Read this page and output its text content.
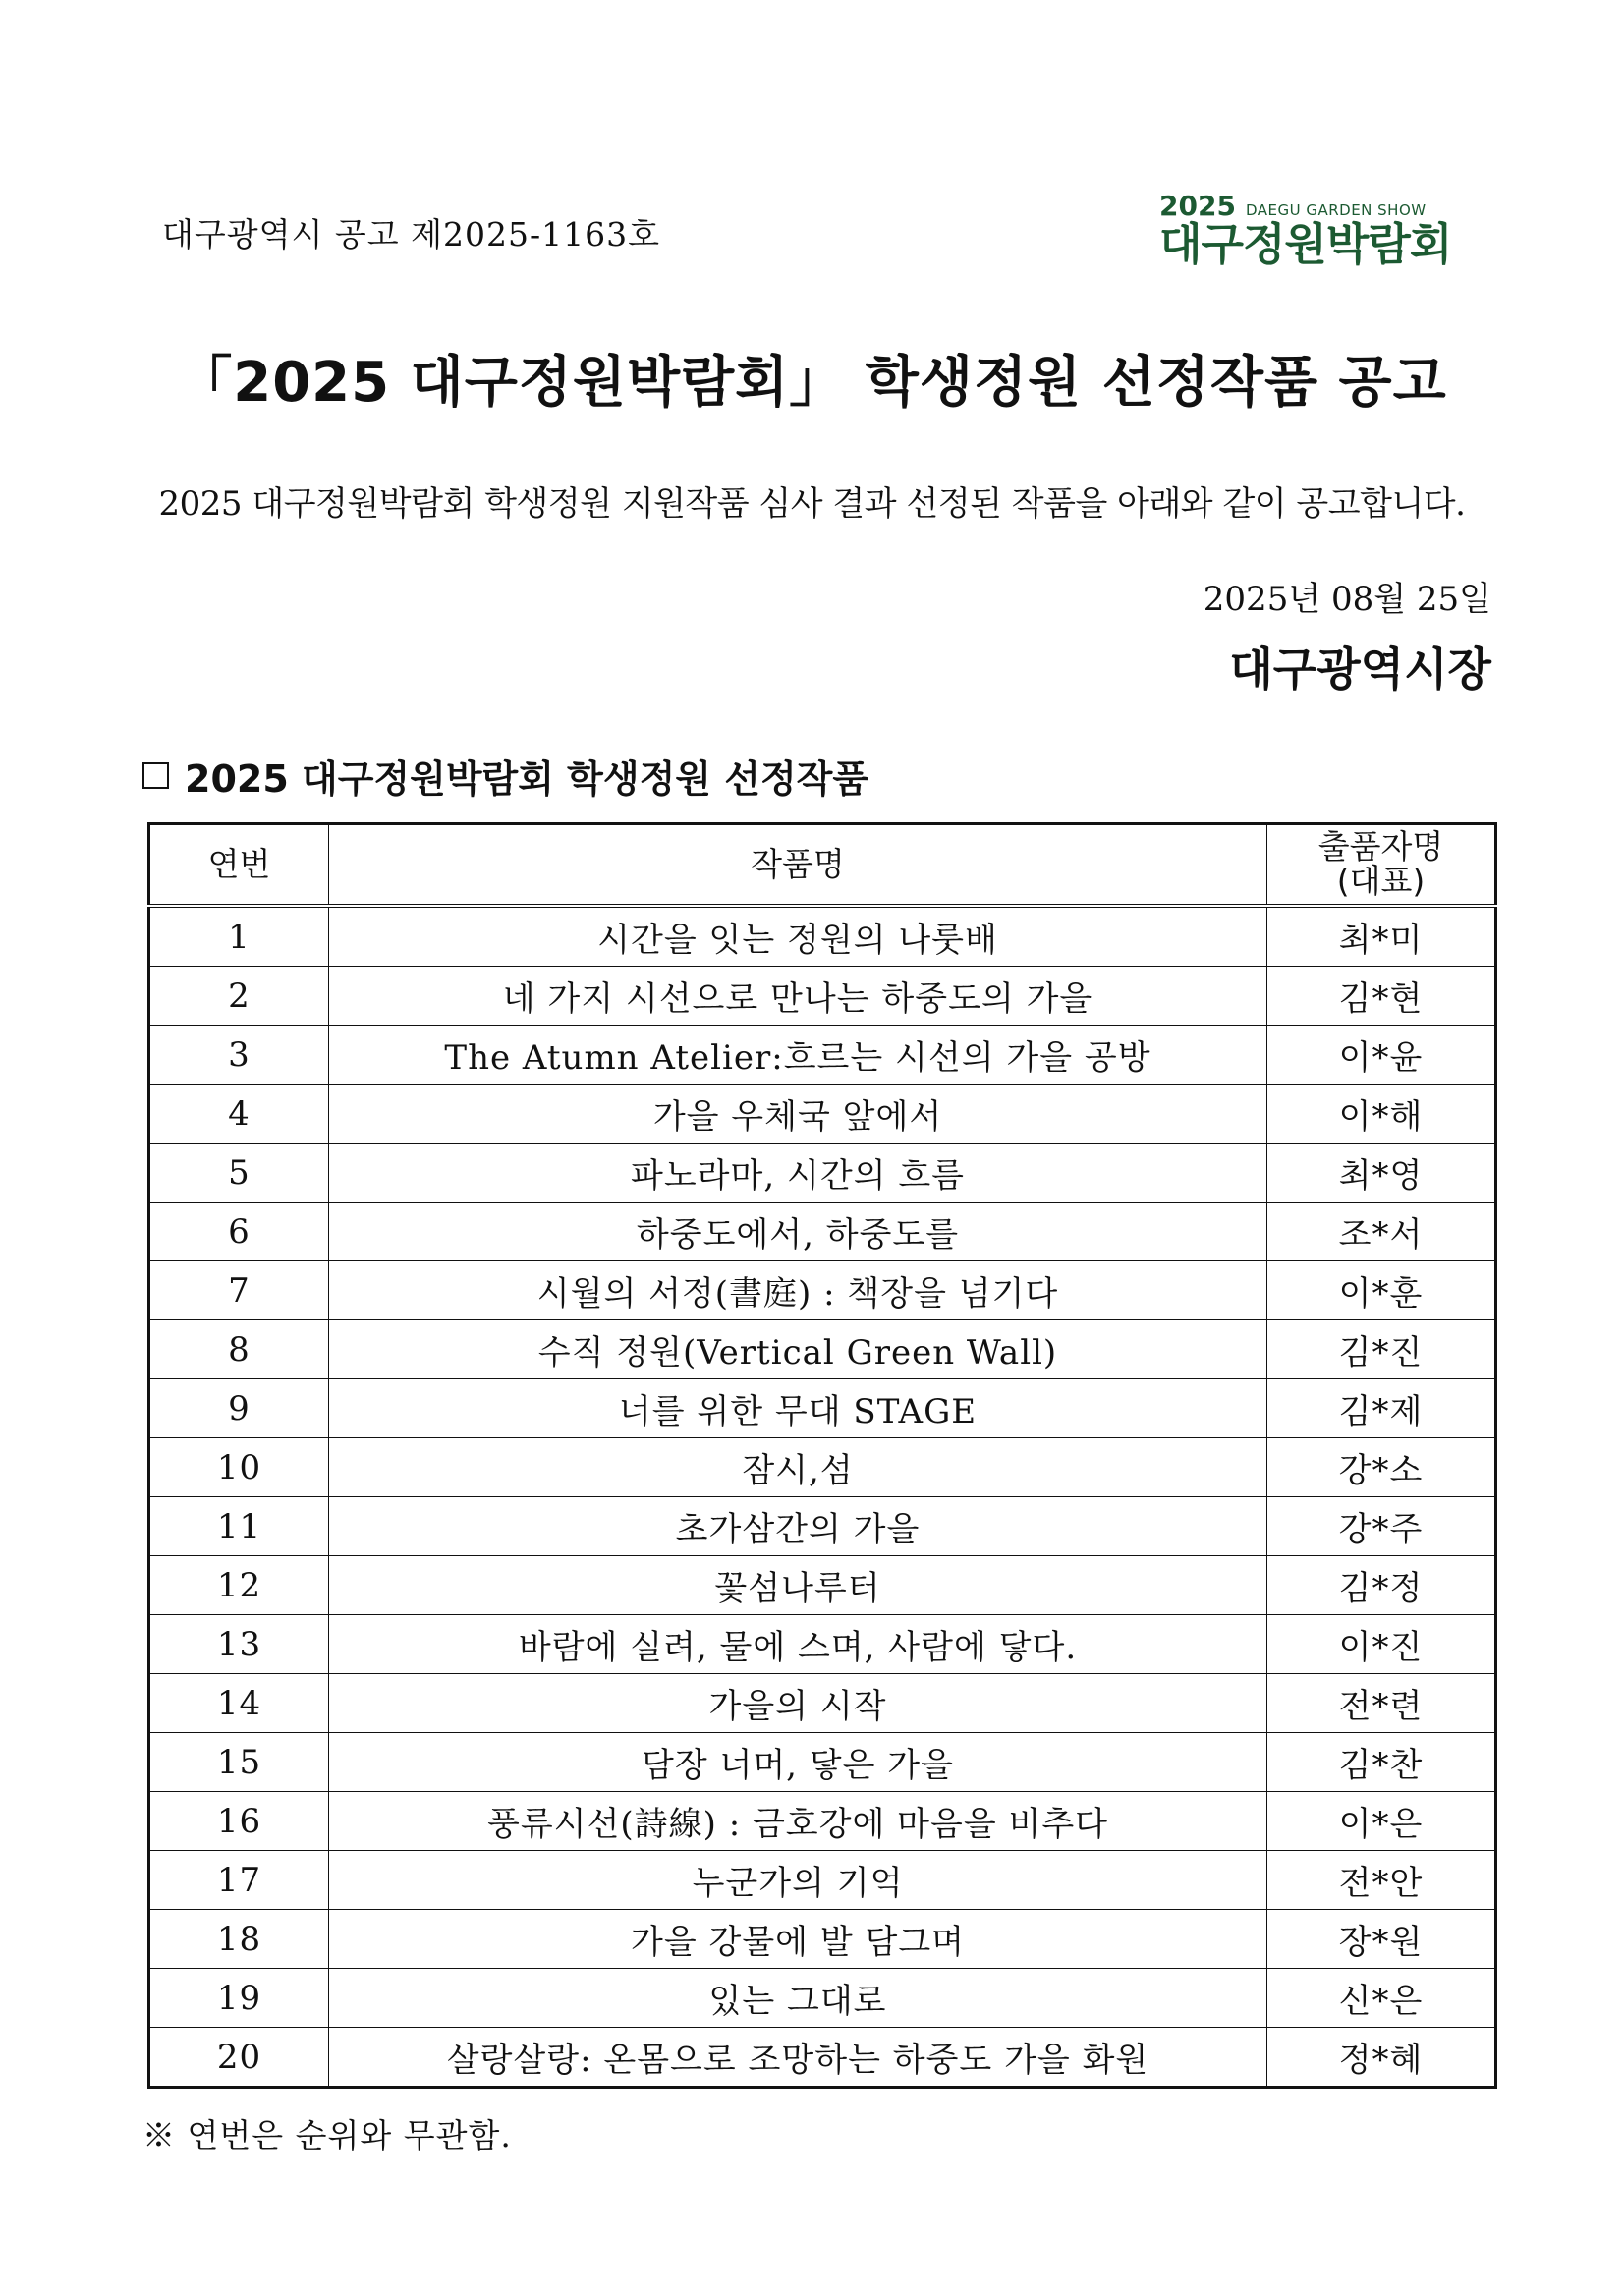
대구광역시 공고 제2025-1163호
2025 DAEGU GARDEN SHOW
대구정원박람회
「2025 대구정원박람회」 학생정원 선정작품 공고
2025 대구정원박람회 학생정원 지원작품 심사 결과 선정된 작품을 아래와 같이 공고합니다.
2025년 08월 25일
대구광역시장
2025 대구정원박람회 학생정원 선정작품
연번	작품명	출품자명
(대표)
1	시간을 잇는 정원의 나룻배	최*미
2	네 가지 시선으로 만나는 하중도의 가을	김*현
3	The Atumn Atelier:흐르는 시선의 가을 공방	이*윤
4	가을 우체국 앞에서	이*해
5	파노라마, 시간의 흐름	최*영
6	하중도에서, 하중도를	조*서
7	시월의 서정(書庭) : 책장을 넘기다	이*훈
8	수직 정원(Vertical Green Wall)	김*진
9	너를 위한 무대 STAGE	김*제
10	잠시,섬	강*소
11	초가삼간의 가을	강*주
12	꽃섬나루터	김*정
13	바람에 실려, 물에 스며, 사람에 닿다.	이*진
14	가을의 시작	전*련
15	담장 너머, 닿은 가을	김*찬
16	풍류시선(詩線) : 금호강에 마음을 비추다	이*은
17	누군가의 기억	전*안
18	가을 강물에 발 담그며	장*원
19	있는 그대로	신*은
20	살랑살랑: 온몸으로 조망하는 하중도 가을 화원	정*혜
※ 연번은 순위와 무관함.
